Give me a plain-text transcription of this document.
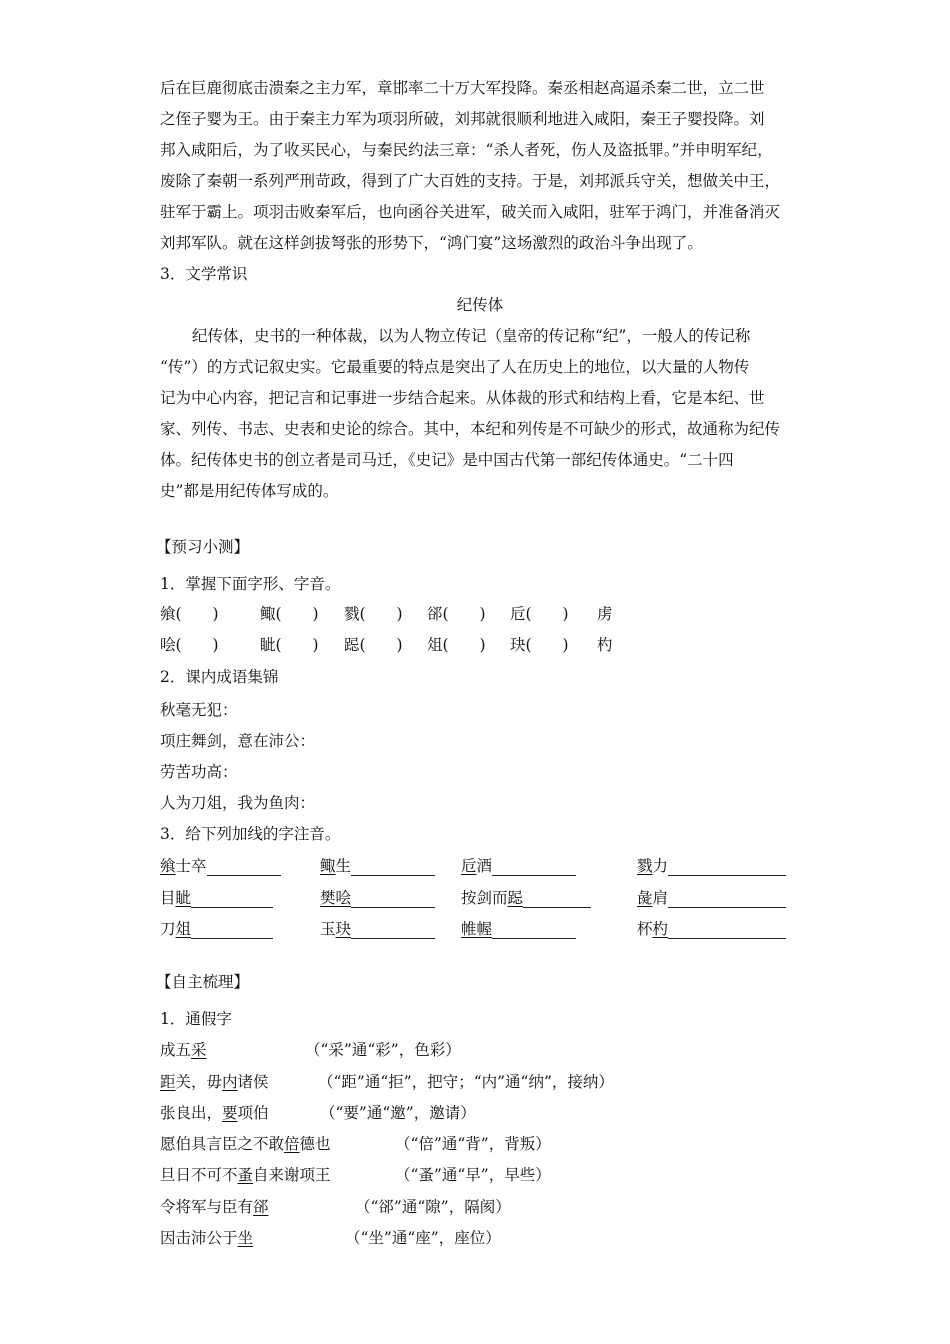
后在巨鹿彻底击溃秦之主力军，章邯率二十万大军投降。秦丞相赵高逼杀秦二世，立二世
之侄子婴为王。由于秦主力军为项羽所破，刘邦就很顺利地进入咸阳，秦王子婴投降。刘
邦入咸阳后，为了收买民心，与秦民约法三章：“杀人者死，伤人及盗抵罪。”并申明军纪，
废除了秦朝一系列严刑苛政，得到了广大百姓的支持。于是，刘邦派兵守关，想做关中王，
驻军于霸上。项羽击败秦军后，也向函谷关进军，破关而入咸阳，驻军于鸿门，并准备消灭
刘邦军队。就在这样剑拔弩张的形势下，“鸿门宴”这场激烈的政治斗争出现了。
3．文学常识
纪传体
纪传体，史书的一种体裁，以为人物立传记（皇帝的传记称“纪”，一般人的传记称
“传”）的方式记叙史实。它最重要的特点是突出了人在历史上的地位，以大量的人物传
记为中心内容，把记言和记事进一步结合起来。从体裁的形式和结构上看，它是本纪、世
家、列传、书志、史表和史论的综合。其中，本纪和列传是不可缺少的形式，故通称为纪传
体。纪传体史书的创立者是司马迁，《史记》是中国古代第一部纪传体通史。“二十四
史”都是用纪传体写成的。
【预习小测】
1．掌握下面字形、字音。
飨(　　)	鲰(　　) 戮(　　) 郤(　　) 卮(　　) 虏
哙(　　)	眦(　　) 跽(　　) 俎(　　) 玦(　　) 杓
2．课内成语集锦
秋毫无犯：
项庄舞剑，意在沛公：
劳苦功高：
人为刀俎，我为鱼肉：
3．给下列加线的字注音。
飨士卒	鲰生	卮酒	戮力
目眦	樊哙	按剑而跽	彘肩
刀俎	玉玦	帷幄	杯杓
【自主梳理】
1．通假字
成五采	（“采”通“彩”，色彩）
距关，毋内诸侯	（“距”通“拒”，把守；“内”通“纳”，接纳）
张良出，要项伯	（“要”通“邀”，邀请）
愿伯具言臣之不敢倍德也	（“倍”通“背”，背叛）
旦日不可不蚤自来谢项王	（“蚤”通“早”，早些）
令将军与臣有郤	（“郤”通“隙”，隔阂）
因击沛公于坐	（“坐”通“座”，座位）
